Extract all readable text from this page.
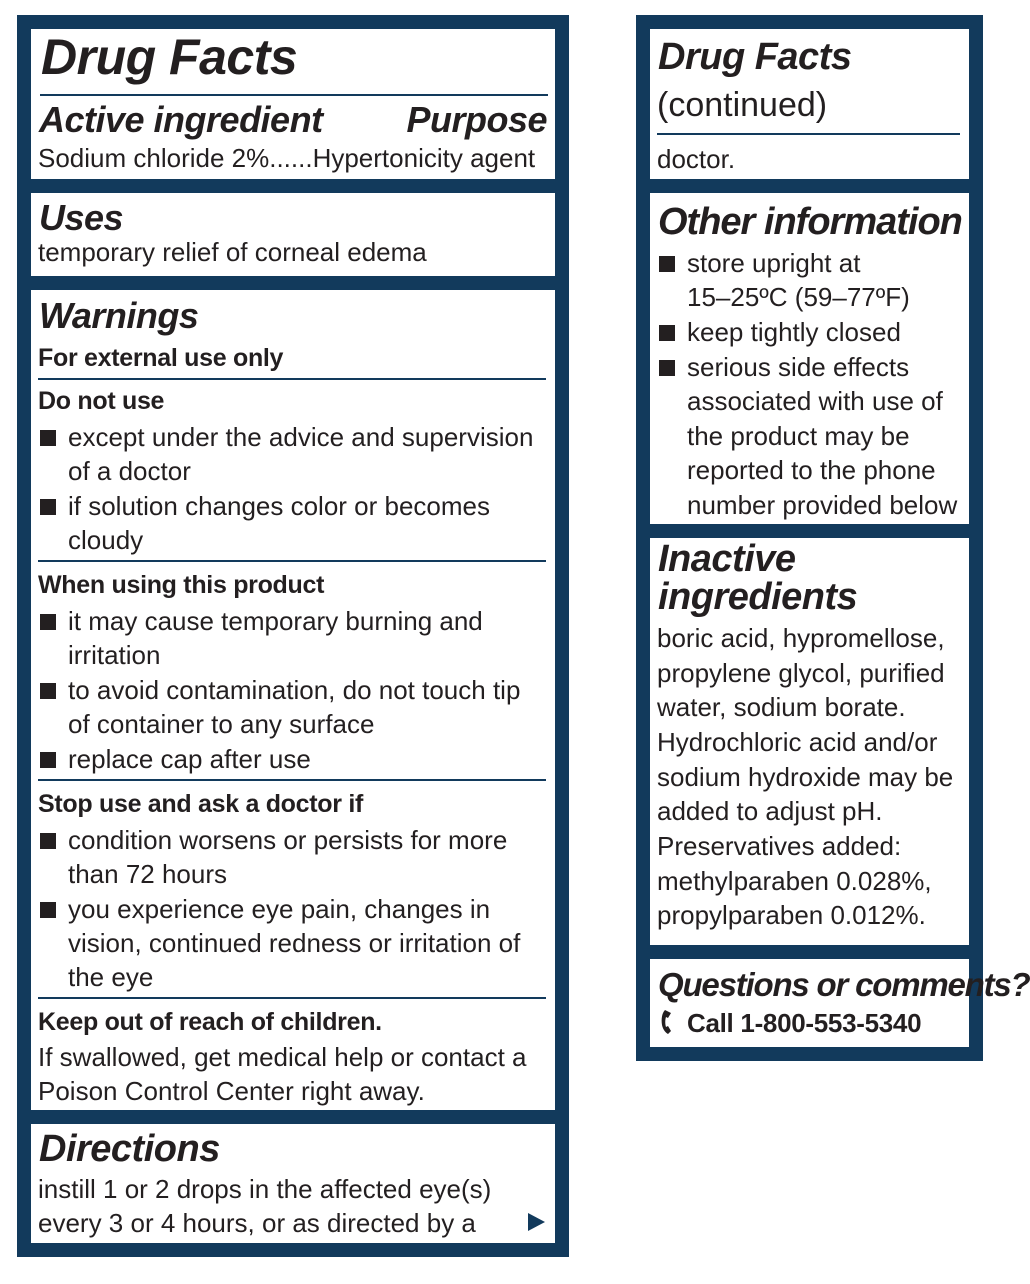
Drug Facts
Active ingredient Purpose
Sodium chloride 2%......Hypertonicity agent
Uses
temporary relief of corneal edema
Warnings
For external use only
Do not use
except under the advice and supervision
of a doctor
if solution changes color or becomes
cloudy
When using this product
it may cause temporary burning and
irritation
to avoid contamination, do not touch tip
of container to any surface
replace cap after use
Stop use and ask a doctor if
condition worsens or persists for more
than 72 hours
you experience eye pain, changes in
vision, continued redness or irritation of
the eye
Keep out of reach of children.
If swallowed, get medical help or contact a
Poison Control Center right away.
Directions
instill 1 or 2 drops in the affected eye(s)
every 3 or 4 hours, or as directed by a
Drug Facts
(continued)
doctor.
Other information
store upright at
15–25ºC (59–77ºF)
keep tightly closed
serious side effects
associated with use of
the product may be
reported to the phone
number provided below
Inactive
ingredients
boric acid, hypromellose,
propylene glycol, purified
water, sodium borate.
Hydrochloric acid and/or
sodium hydroxide may be
added to adjust pH.
Preservatives added:
methylparaben 0.028%,
propylparaben 0.012%.
Questions or comments?
Call 1-800-553-5340
